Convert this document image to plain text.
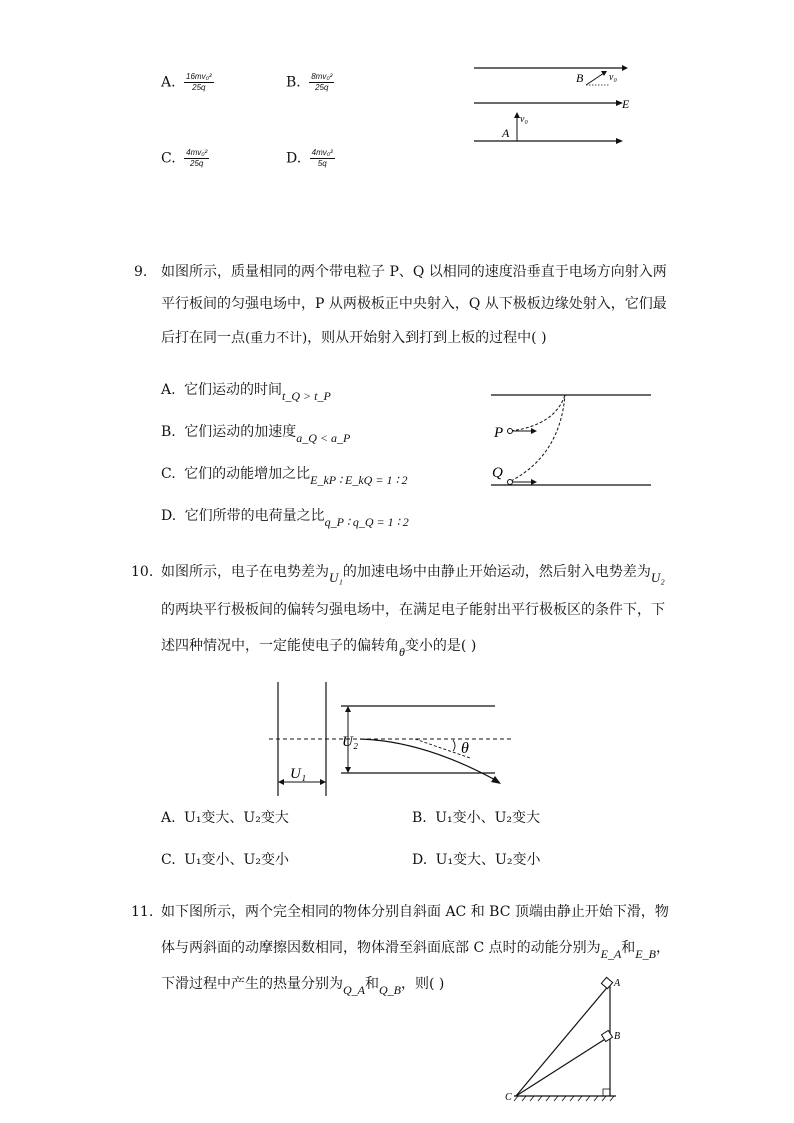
A. $\frac{\text{16mv₀²}}{25q}$	B. $\frac{\text{8mv₀²}}{25q}$
C. $\frac{\text{4mv₀²}}{25q}$	D. $\frac{\text{4mv₀²}}{5q}$
B	v₀
E
A
v₀
9. 如图所示，质量相同的两个带电粒子 P、Q 以相同的速度沿垂直于电场方向射入两
平行板间的匀强电场中，P 从两极板正中央射入，Q 从下极板边缘处射入，它们最
后打在同一点(重力不计)，则从开始射入到打到上板的过程中( )
A. 它们运动的时间t_Q > t_P
B. 它们运动的加速度a_Q < a_P
C. 它们的动能增加之比E_kP ∶ E_kQ = 1 ∶ 2
D. 它们所带的电荷量之比q_P ∶ q_Q = 1 ∶ 2
P
Q
10. 如图所示，电子在电势差为U₁的加速电场中由静止开始运动，然后射入电势差为U₂
的两块平行极板间的偏转匀强电场中，在满足电子能射出平行极板区的条件下，下
述四种情况中，一定能使电子的偏转角θ变小的是( )
U₂	θ
U₁
A. U₁变大、U₂变大	B. U₁变小、U₂变大
C. U₁变小、U₂变小	D. U₁变大、U₂变小
11. 如下图所示，两个完全相同的物体分别自斜面 AC 和 BC 顶端由静止开始下滑，物
体与两斜面的动摩擦因数相同，物体滑至斜面底部 C 点时的动能分别为E_A和E_B，
下滑过程中产生的热量分别为Q_A和Q_B，则( )	A
B
C
